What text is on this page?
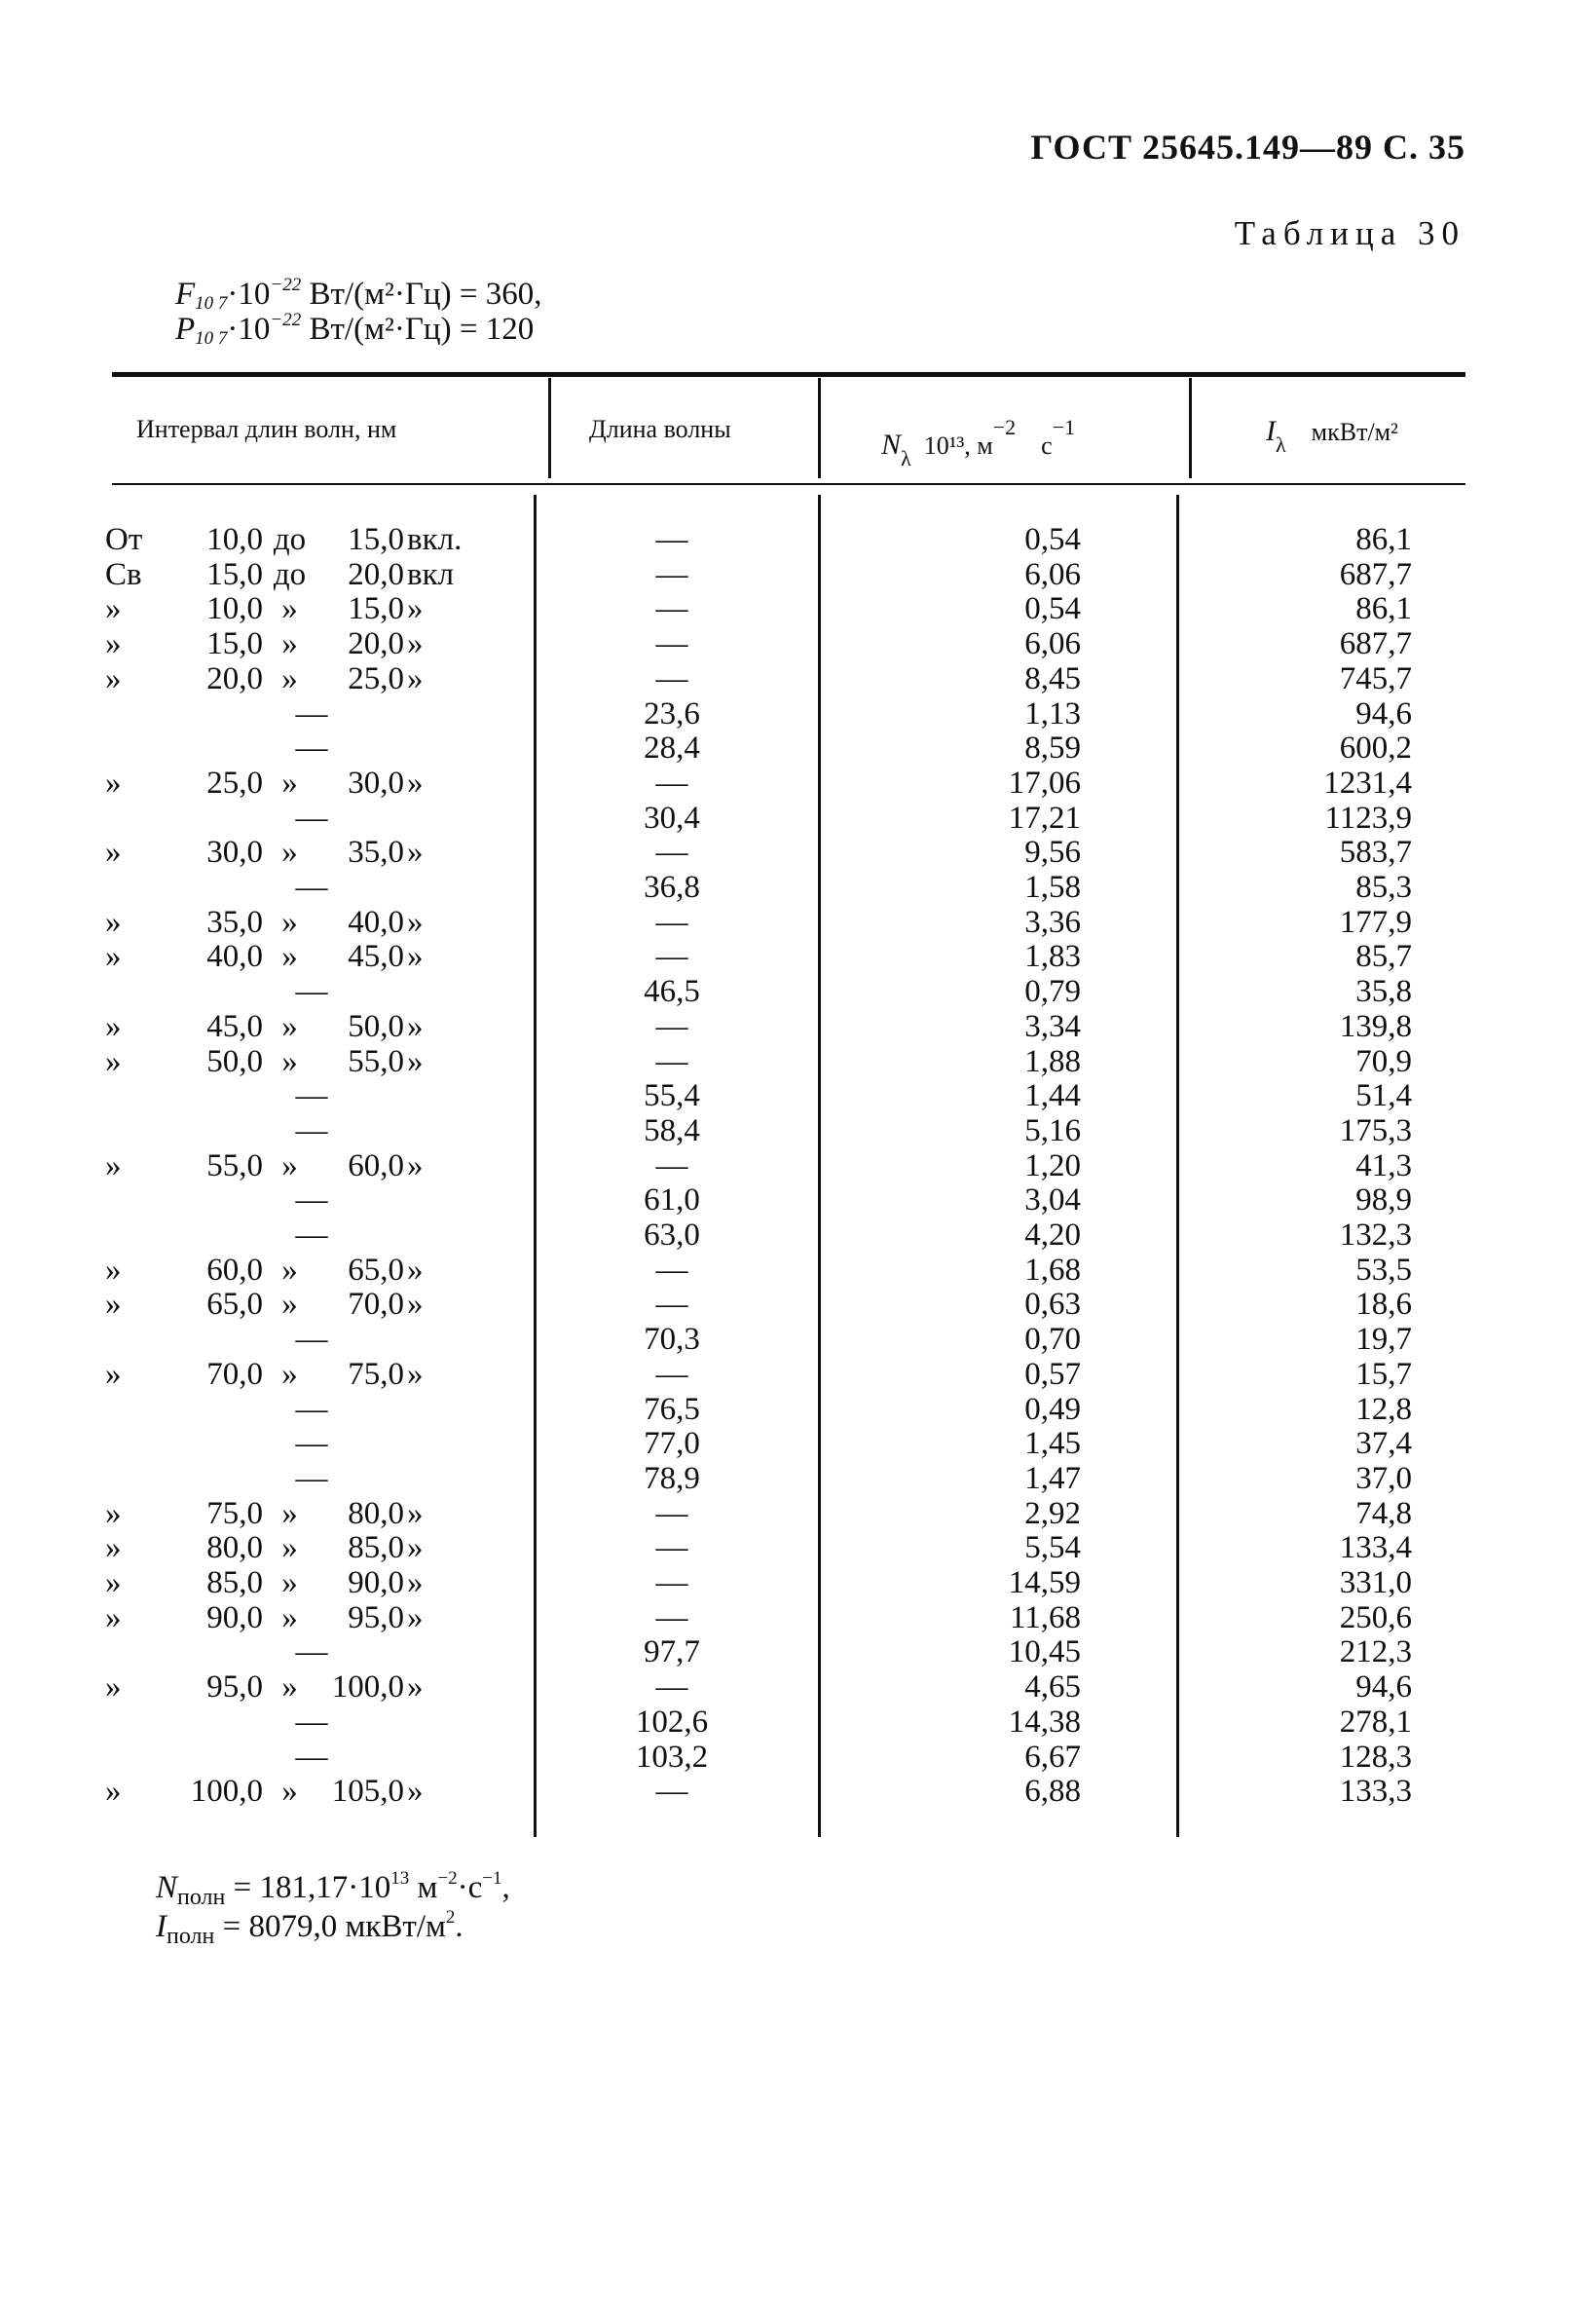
ГОСТ 25645.149—89 С. 35
Таблица 30
$F_{10 7}\cdot 10^{-22}$ Вт/(м²·Гц) = 360,
$P_{10 7}\cdot 10^{-22}$ Вт/(м²·Гц) = 120
Интервал длин волн, нм	Длина волны	$N_\lambda$ 10¹³, $м^{-2}$    $с^{-1}$	$I_\lambda$ мкВт/м²
От	10,0 до	15,0 вкл.	—	0,54	86,1
Св	15,0 до	20,0 вкл	—	6,06	687,7
»	10,0 »	15,0 »	—	0,54	86,1
»	15,0 »	20,0 »	—	6,06	687,7
»	20,0 »	25,0 »	—	8,45	745,7
—	23,6	1,13	94,6
—	28,4	8,59	600,2
»	25,0 »	30,0 »	—	17,06	1231,4
—	30,4	17,21	1123,9
»	30,0 »	35,0 »	—	9,56	583,7
—	36,8	1,58	85,3
»	35,0 »	40,0 »	—	3,36	177,9
»	40,0 »	45,0 »	—	1,83	85,7
—	46,5	0,79	35,8
»	45,0 »	50,0 »	—	3,34	139,8
»	50,0 »	55,0 »	—	1,88	70,9
—	55,4	1,44	51,4
—	58,4	5,16	175,3
»	55,0 »	60,0 »	—	1,20	41,3
—	61,0	3,04	98,9
—	63,0	4,20	132,3
»	60,0 »	65,0 »	—	1,68	53,5
»	65,0 »	70,0 »	—	0,63	18,6
—	70,3	0,70	19,7
»	70,0 »	75,0 »	—	0,57	15,7
—	76,5	0,49	12,8
—	77,0	1,45	37,4
—	78,9	1,47	37,0
»	75,0 »	80,0 »	—	2,92	74,8
»	80,0 »	85,0 »	—	5,54	133,4
»	85,0 »	90,0 »	—	14,59	331,0
»	90,0 »	95,0 »	—	11,68	250,6
—	97,7	10,45	212,3
»	95,0 »	100,0 »	—	4,65	94,6
—	102,6	14,38	278,1
—	103,2	6,67	128,3
»	100,0 »	105,0 »	—	6,88	133,3
$N_{полн} = 181,17\cdot 10^{13}$ $м^{-2}\cdot с^{-1}$,
$I_{полн} = 8079,0$ мкВт/$м^2$.
